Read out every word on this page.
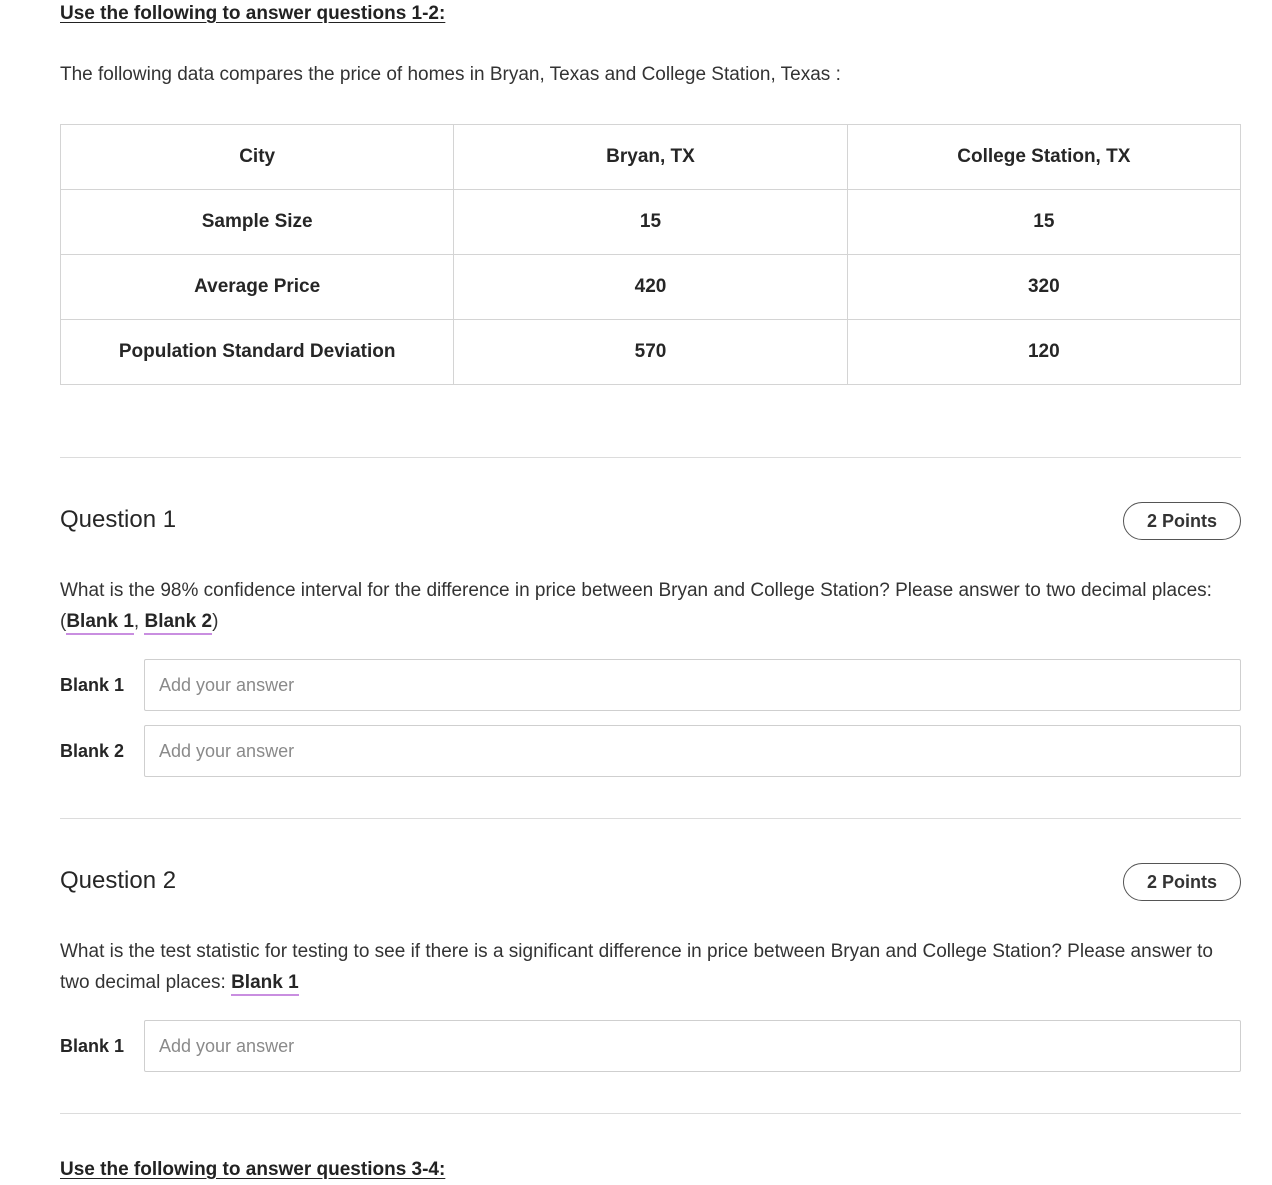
Use the following to answer questions 1-2:
The following data compares the price of homes in Bryan, Texas and College Station, Texas :
City	Bryan, TX	College Station, TX
Sample Size	15	15
Average Price	420	320
Population Standard Deviation	570	120
Question 1	2 Points
What is the 98% confidence interval for the difference in price between Bryan and College Station? Please answer to two decimal places: (Blank 1, Blank 2)
Blank 1
Add your answer
Blank 2
Add your answer
Question 2	2 Points
What is the test statistic for testing to see if there is a significant difference in price between Bryan and College Station? Please answer to two decimal places: Blank 1
Blank 1
Add your answer
Use the following to answer questions 3-4:
